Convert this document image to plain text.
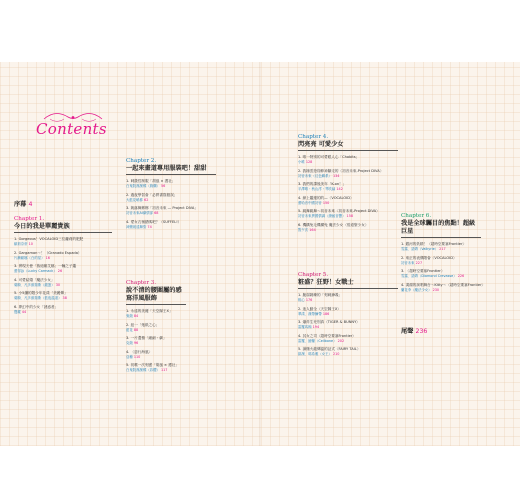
Contents
序幕 4
Chapter 1.
今日的我是華麗貴族
1. Gorgeous！VOCALOID三位蘿莉的肥肥
歐莉奈蒂 10
2. Gargamon～！（Granado Espada）
片瀨歐娜（白的星） 16
3. 實現天使「魯迪娜艾娜」一輛之子鑑
蕾得詠（Lucky Carmack） 26
4. 可愛結婚「魔法少女」
葉騎．凡多維瑞斯（龍蛋） 30
5. 小5纖的限少年花漾「美麗傳」
葉騎．凡多維瑞斯（藍夜溫道） 38
6. 夢幻中的少女「誘惑者」
寶藏 44
Chapter 2.
一起來畫道專用服裝吧！甜甜
1. 刺激性制服「胡風 × 護社」
白鬼院凜凜蝶（絢爛） 56
2. 過夜學習會「必將書寫錯誤」
大藍花嶋都 62
3. 娛落舞鄉鄉「初音未來 — Project DIVA」
初音未來AI劇情部 68
4. 愛女衣嶺錯嗎吧？（SUFFEL!）
神樂坂遠舞誓 74
Chapter 3.
說不清的腰圍屬的感寫洋風服飾
1. 永遠的美麗「天空歸王X」
鬼娘 84
2. 紐一「炮紙之心」
藍花 88
3. 一片遺憾「細細・劇」
克娘 96
4. 〈惡行海風〉
亞種 110
5. 初嚐一次刻畫「胡風 × 護社」
白鬼院凜凜蝶（彩櫻） 117
Chapter 4.
閃亮亮 可愛少女
1. 唯一特別的可愛眼人心「Chobits」
小唯 128
2. 我撞雲遊翔伸神腳走的〈初音未來-Project DIVA〉
初音未來（紅色聯系） 134
3. 我們的課後美年「K-on！」
平澤唯・秋山澪・琴吹紬 142
4. 締上鑑運的的—〈VOCALOID〉
蕾哈音中國初音 150
5. 跳舞跳舞～初音未來〈初音未來-Project DIVA〉
初音未來異國情調（繚綾音響） 158
6. 機構兔毛機構兔 魔法少女〈悟道聖少女〉
暫夕次 164
Chapter 5.
粧盛？狂野！女戰士
1. 脆弱韌練的「刻刺鋒義」
桃心 176
2. 迷人動全〈天空歸王X〉
華漾．漢帶爾帶 186
3. 爆炸生死別真〈TIGER & BUNNY〉
雷羅馬翰 194
4. 其女之司〈超時空要塞Frontier〉
雷羅．繪蘭（Cellbone） 202
5. 讀懂火龍傳溫的証式〈FAIRY TAIL〉
緋凜．瑪希雅（女王） 210
Chapter 6.
我是全球矚目的焦點！超級巨星
1. 銀河的妖精！〈超時空要塞Frontier〉
雪露．諾姆（Valkyrie） 217
2. 來正的表偶階會〈VOCALOID〉
初音未來 227
3. 〈超時空要塞Frontier〉
雪露．諾姆（Diamond Crevasse） 226
4. 渴湖的演唱舞台～Kitty～〈超時空要塞Frontier〉
蘭花李（魔法少女） 230
尾聲 236
